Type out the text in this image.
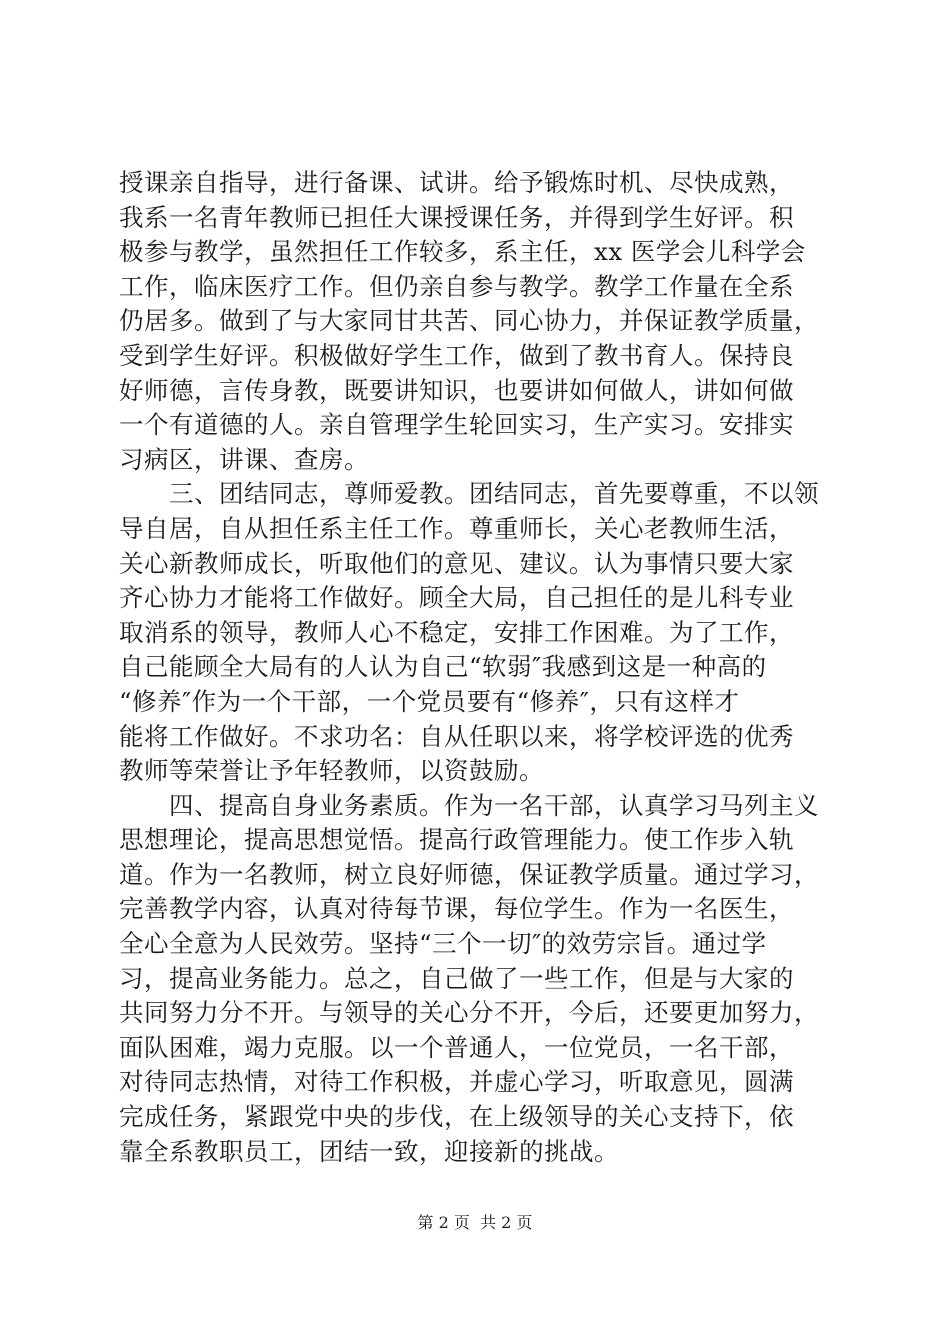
授课亲自指导，进行备课、试讲。给予锻炼时机、尽快成熟，
我系一名青年教师已担任大课授课任务，并得到学生好评。积
极参与教学，虽然担任工作较多，系主任，xx 医学会儿科学会
工作，临床医疗工作。但仍亲自参与教学。教学工作量在全系
仍居多。做到了与大家同甘共苦、同心协力，并保证教学质量，
受到学生好评。积极做好学生工作，做到了教书育人。保持良
好师德，言传身教，既要讲知识，也要讲如何做人，讲如何做
一个有道德的人。亲自管理学生轮回实习，生产实习。安排实
习病区，讲课、查房。
　　三、团结同志，尊师爱教。团结同志，首先要尊重，不以领
导自居，自从担任系主任工作。尊重师长，关心老教师生活，
关心新教师成长，听取他们的意见、建议。认为事情只要大家
齐心协力才能将工作做好。顾全大局，自己担任的是儿科专业
取消系的领导，教师人心不稳定，安排工作困难。为了工作，
自己能顾全大局有的人认为自己“软弱″我感到这是一种高的
“修养″作为一个干部，一个党员要有“修养″，只有这样才
能将工作做好。不求功名：自从任职以来，将学校评选的优秀
教师等荣誉让予年轻教师，以资鼓励。
　　四、提高自身业务素质。作为一名干部，认真学习马列主义
思想理论，提高思想觉悟。提高行政管理能力。使工作步入轨
道。作为一名教师，树立良好师德，保证教学质量。通过学习，
完善教学内容，认真对待每节课，每位学生。作为一名医生，
全心全意为人民效劳。坚持“三个一切″的效劳宗旨。通过学
习，提高业务能力。总之，自己做了一些工作，但是与大家的
共同努力分不开。与领导的关心分不开，今后，还要更加努力，
面队困难，竭力克服。以一个普通人，一位党员，一名干部，
对待同志热情，对待工作积极，并虚心学习，听取意见，圆满
完成任务，紧跟党中央的步伐，在上级领导的关心支持下，依
靠全系教职员工，团结一致，迎接新的挑战。
第 2 页  共 2 页
